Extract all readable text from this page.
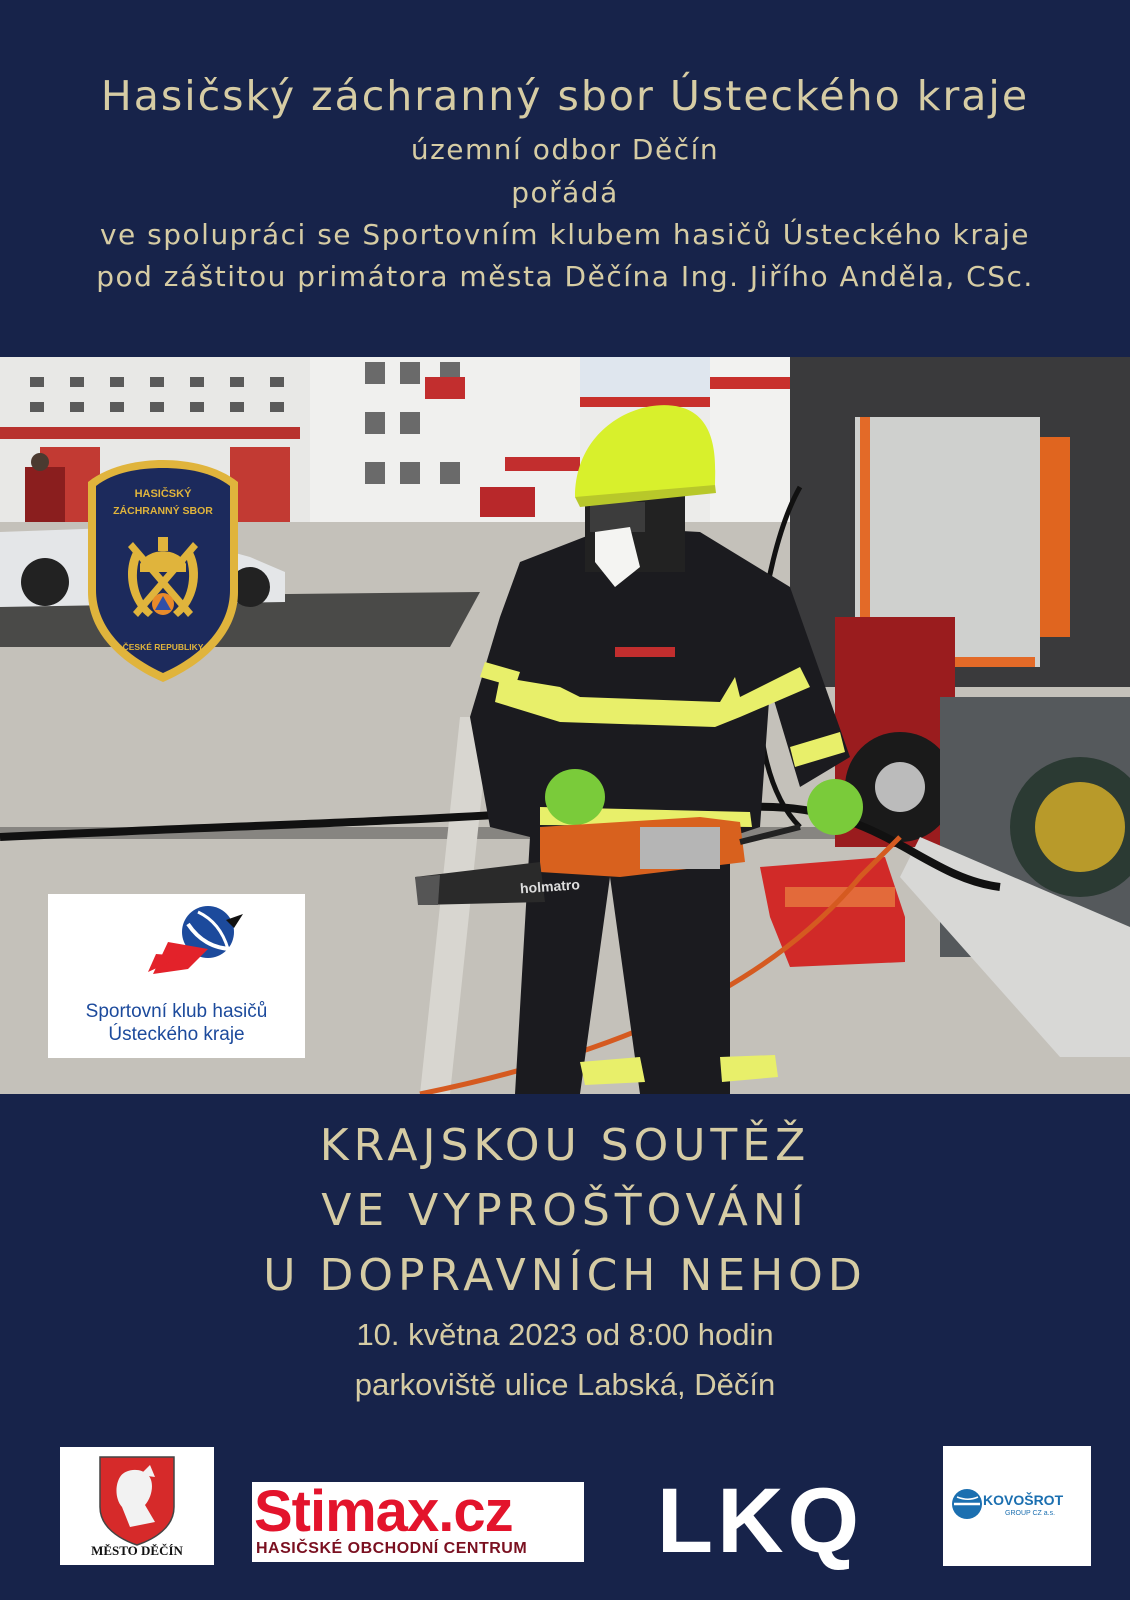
Hasičský záchranný sbor Ústeckého kraje
územní odbor Děčín
pořádá
ve spolupráci se Sportovním klubem hasičů Ústeckého kraje
pod záštitou primátora města Děčína Ing. Jiřího Anděla, CSc.
holmatro
HASIČSKÝ
ZÁCHRANNÝ SBOR
ČESKÉ REPUBLIKY
Sportovní klub hasičů
Ústeckého kraje
KRAJSKOU SOUTĚŽ
VE VYPROŠŤOVÁNÍ
U DOPRAVNÍCH NEHOD
10. května 2023 od 8:00 hodin
parkoviště ulice Labská, Děčín
MĚSTO DĚČÍN
Stimax.cz
HASIČSKÉ OBCHODNÍ CENTRUM	LKQ	KOVOŠROT
GROUP CZ a.s.
